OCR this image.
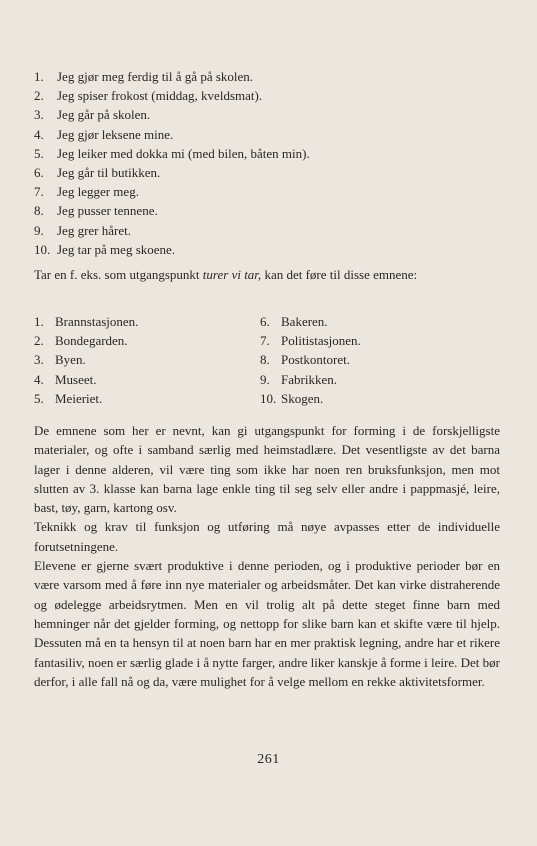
1.	Jeg gjør meg ferdig til å gå på skolen.
2.	Jeg spiser frokost (middag, kveldsmat).
3.	Jeg går på skolen.
4.	Jeg gjør leksene mine.
5.	Jeg leiker med dokka mi (med bilen, båten min).
6.	Jeg går til butikken.
7.	Jeg legger meg.
8.	Jeg pusser tennene.
9.	Jeg grer håret.
10. Jeg tar på meg skoene.
Tar en f. eks. som utgangspunkt turer vi tar, kan det føre til disse emnene:
1. Brannstasjonen.
2. Bondegarden.
3. Byen.
4. Museet.
5. Meieriet.
6. Bakeren.
7. Politistasjonen.
8. Postkontoret.
9. Fabrikken.
10. Skogen.

De emnene som her er nevnt, kan gi utgangspunkt for forming i de forskjelligste materialer, og ofte i samband særlig med heimstadlære. Det vesentligste av det barna lager i denne alderen, vil være ting som ikke har noen ren bruksfunksjon, men mot slutten av 3. klasse kan barna lage enkle ting til seg selv eller andre i pappmasjé, leire, bast, tøy, garn, kartong osv.

Teknikk og krav til funksjon og utføring må nøye avpasses etter de individuelle forutsetningene.

Elevene er gjerne svært produktive i denne perioden, og i produktive perioder bør en være varsom med å føre inn nye materialer og arbeidsmåter. Det kan virke distraherende og ødelegge arbeidsrytmen. Men en vil trolig alt på dette steget finne barn med hemninger når det gjelder forming, og nettopp for slike barn kan et skifte være til hjelp. Dessuten må en ta hensyn til at noen barn har en mer praktisk legning, andre har et rikere fantasiliv, noen er særlig glade i å nytte farger, andre liker kanskje å forme i leire. Det bør derfor, i alle fall nå og da, være mulighet for å velge mellom en rekke aktivitetsformer.

261
